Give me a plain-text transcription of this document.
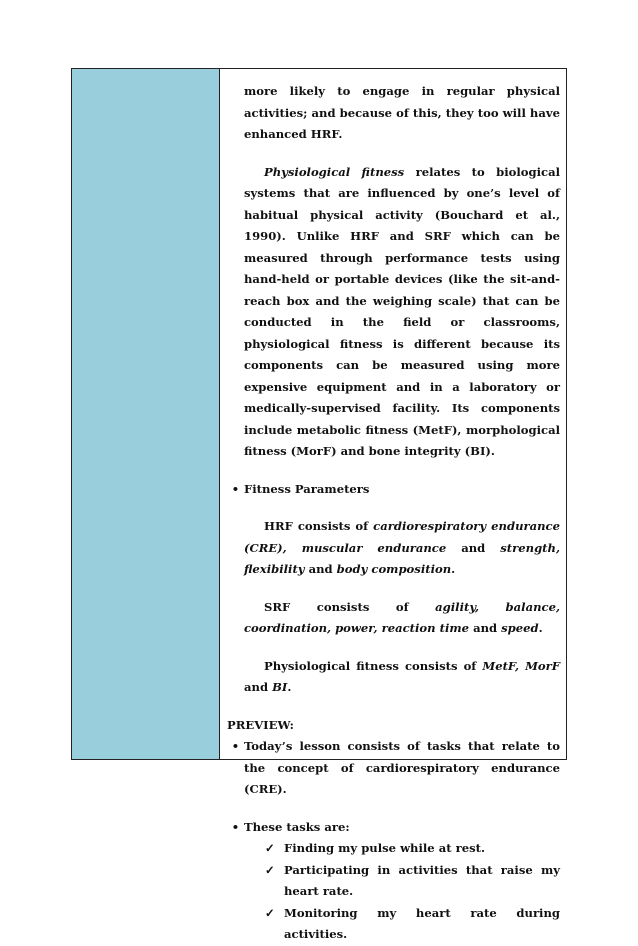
more likely to engage in regular physical activities; and because of this, they too will have enhanced HRF.
Physiological fitness relates to biological systems that are influenced by one’s level of habitual physical activity (Bouchard et al., 1990). Unlike HRF and SRF which can be measured through performance tests using hand-held or portable devices (like the sit-and-reach box and the weighing scale) that can be conducted in the field or classrooms, physiological fitness is different because its components can be measured using more expensive equipment and in a laboratory or medically-supervised facility. Its components include metabolic fitness (MetF), morphological fitness (MorF) and bone integrity (BI).
• Fitness Parameters
HRF consists of cardiorespiratory endurance (CRE), muscular endurance and strength, flexibility and body composition.
SRF consists of agility, balance, coordination, power, reaction time and speed.
Physiological fitness consists of MetF, MorF and BI.
PREVIEW:
• Today’s lesson consists of tasks that relate to the concept of cardiorespiratory endurance (CRE).
• These tasks are:
✓ Finding my pulse while at rest.
✓ Participating in activities that raise my heart rate.
✓ Monitoring my heart rate during activities.
